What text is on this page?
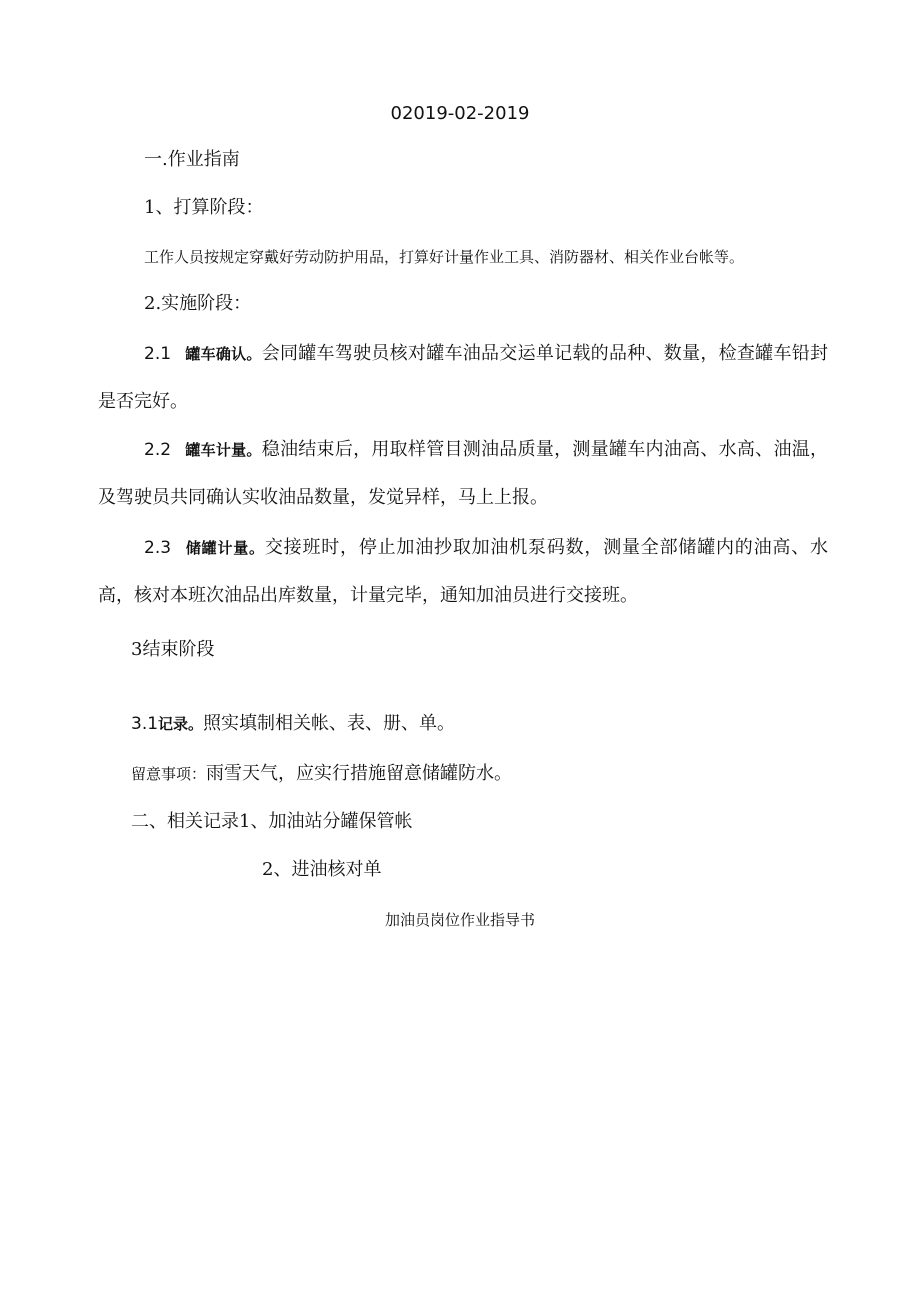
02019-02-2019
一.作业指南
1、打算阶段：
工作人员按规定穿戴好劳动防护用品，打算好计量作业工具、消防器材、相关作业台帐等。
2.实施阶段：
2.1 罐车确认。会同罐车驾驶员核对罐车油品交运单记载的品种、数量，检查罐车铅封是否完好。
2.2 罐车计量。稳油结束后，用取样管目测油品质量，测量罐车内油高、水高、油温，及驾驶员共同确认实收油品数量，发觉异样，马上上报。
2.3 储罐计量。交接班时，停止加油抄取加油机泵码数，测量全部储罐内的油高、水高，核对本班次油品出库数量，计量完毕，通知加油员进行交接班。
3结束阶段
3.1记录。照实填制相关帐、表、册、单。
留意事项：雨雪天气，应实行措施留意储罐防水。
二、相关记录1、加油站分罐保管帐
2、进油核对单
加油员岗位作业指导书
